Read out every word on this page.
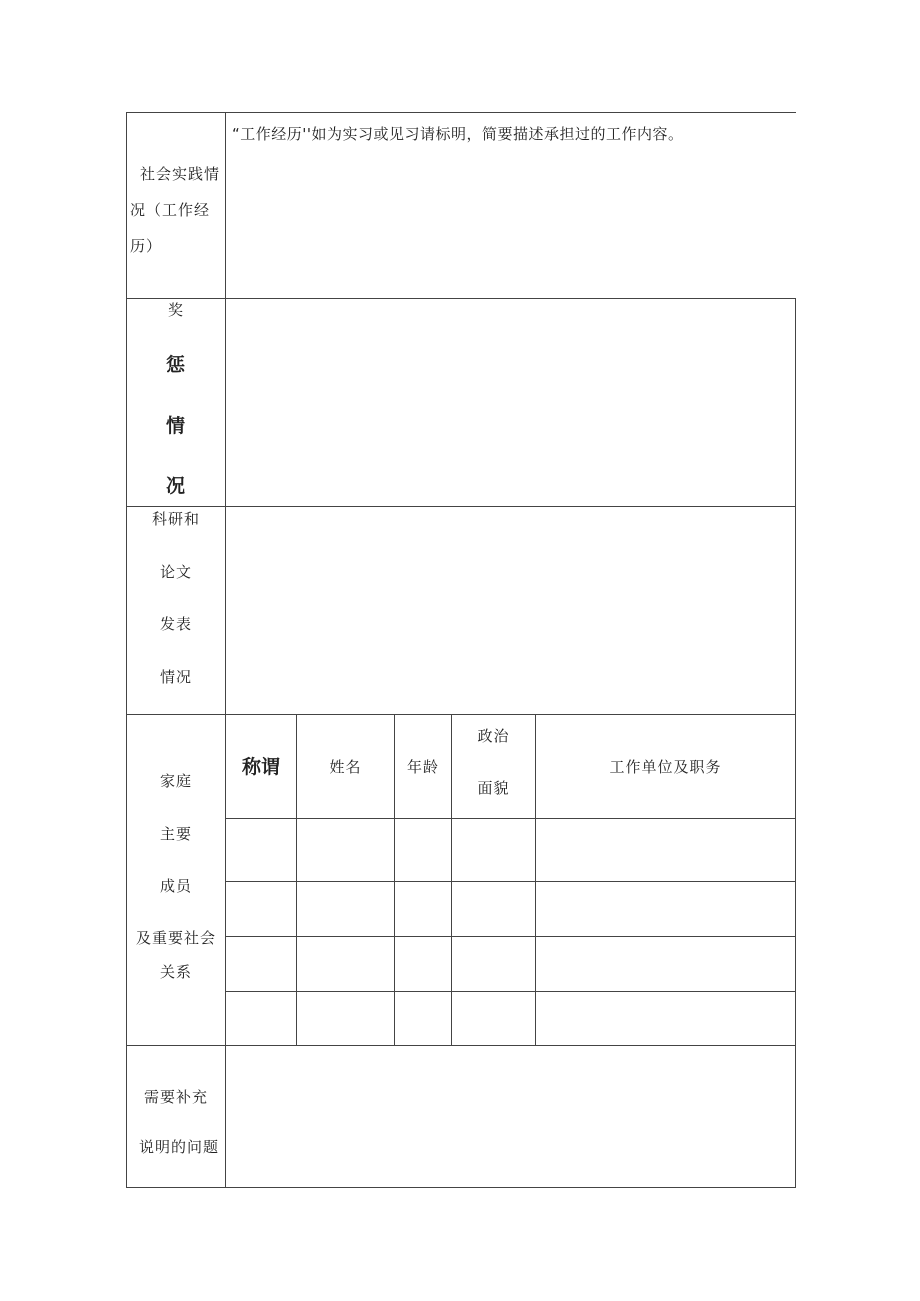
社会实践情
况（工作经
历）
“工作经历''如为实习或见习请标明，简要描述承担过的工作内容。
奖
惩
情
况
科研和
论文
发表
情况
家庭
主要
成员
及重要社会
关系
称谓	姓名	年龄
政治
面貌
工作单位及职务
需要补充
说明的问题
